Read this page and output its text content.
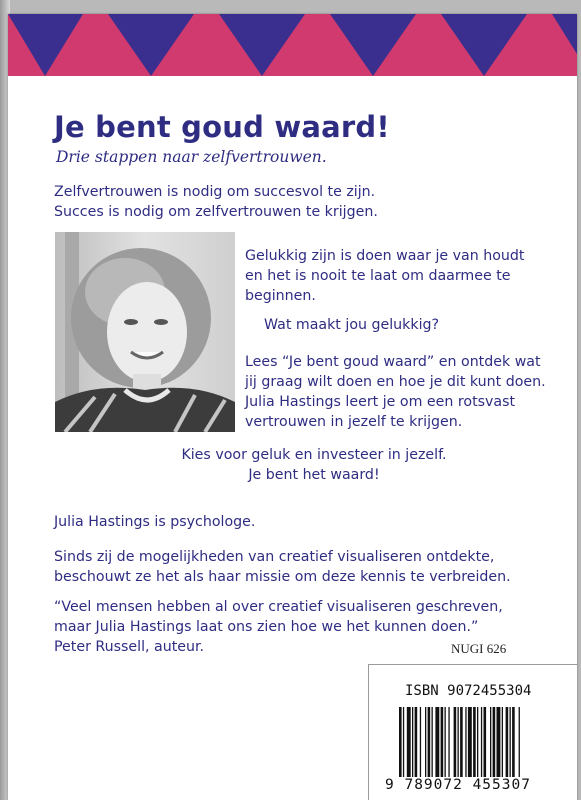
Je bent goud waard!

Drie stappen naar zelfvertrouwen.

Zelfvertrouwen is nodig om succesvol te zijn.
Succes is nodig om zelfvertrouwen te krijgen.

Gelukkig zijn is doen waar je van houdt
en het is nooit te laat om daarmee te
beginnen.

Wat maakt jou gelukkig?

Lees “Je bent goud waard” en ontdek wat
jij graag wilt doen en hoe je dit kunt doen.
Julia Hastings leert je om een rotsvast
vertrouwen in jezelf te krijgen.

Kies voor geluk en investeer in jezelf.
Je bent het waard!

Julia Hastings is psychologe.

Sinds zij de mogelijkheden van creatief visualiseren ontdekte,
beschouwt ze het als haar missie om deze kennis te verbreiden.

“Veel mensen hebben al over creatief visualiseren geschreven,
maar Julia Hastings laat ons zien hoe we het kunnen doen.”
Peter Russell, auteur.	NUGI 626

ISBN 9072455304

9 789072 455307
